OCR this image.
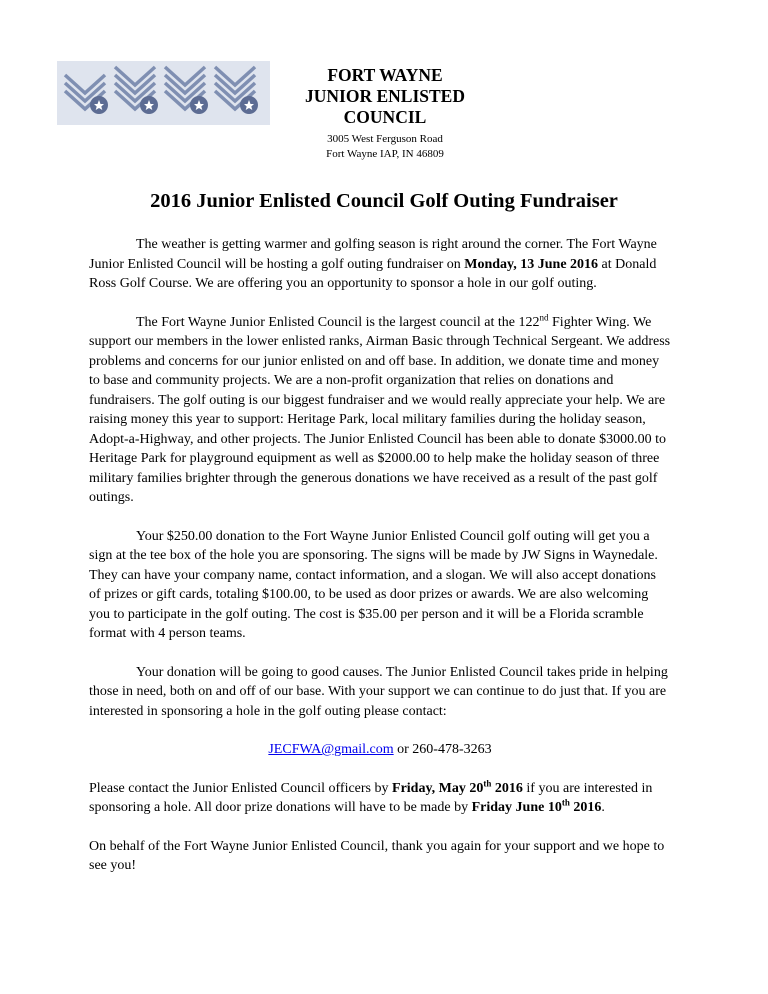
FORT WAYNE
JUNIOR ENLISTED
COUNCIL
3005 West Ferguson Road
Fort Wayne IAP, IN 46809
2016 Junior Enlisted Council Golf Outing Fundraiser

The weather is getting warmer and golfing season is right around the corner. The Fort Wayne Junior Enlisted Council will be hosting a golf outing fundraiser on Monday, 13 June 2016 at Donald Ross Golf Course. We are offering you an opportunity to sponsor a hole in our golf outing.

The Fort Wayne Junior Enlisted Council is the largest council at the 122nd Fighter Wing. We support our members in the lower enlisted ranks, Airman Basic through Technical Sergeant. We address problems and concerns for our junior enlisted on and off base. In addition, we donate time and money to base and community projects. We are a non-profit organization that relies on donations and fundraisers. The golf outing is our biggest fundraiser and we would really appreciate your help. We are raising money this year to support: Heritage Park, local military families during the holiday season, Adopt-a-Highway, and other projects. The Junior Enlisted Council has been able to donate $3000.00 to Heritage Park for playground equipment as well as $2000.00 to help make the holiday season of three military families brighter through the generous donations we have received as a result of the past golf outings.

Your $250.00 donation to the Fort Wayne Junior Enlisted Council golf outing will get you a sign at the tee box of the hole you are sponsoring. The signs will be made by JW Signs in Waynedale. They can have your company name, contact information, and a slogan. We will also accept donations of prizes or gift cards, totaling $100.00, to be used as door prizes or awards. We are also welcoming you to participate in the golf outing. The cost is $35.00 per person and it will be a Florida scramble format with 4 person teams.

Your donation will be going to good causes. The Junior Enlisted Council takes pride in helping those in need, both on and off of our base. With your support we can continue to do just that. If you are interested in sponsoring a hole in the golf outing please contact:

JECFWA@gmail.com or 260-478-3263

Please contact the Junior Enlisted Council officers by Friday, May 20th 2016 if you are interested in sponsoring a hole. All door prize donations will have to be made by Friday June 10th 2016.

On behalf of the Fort Wayne Junior Enlisted Council, thank you again for your support and we hope to see you!
